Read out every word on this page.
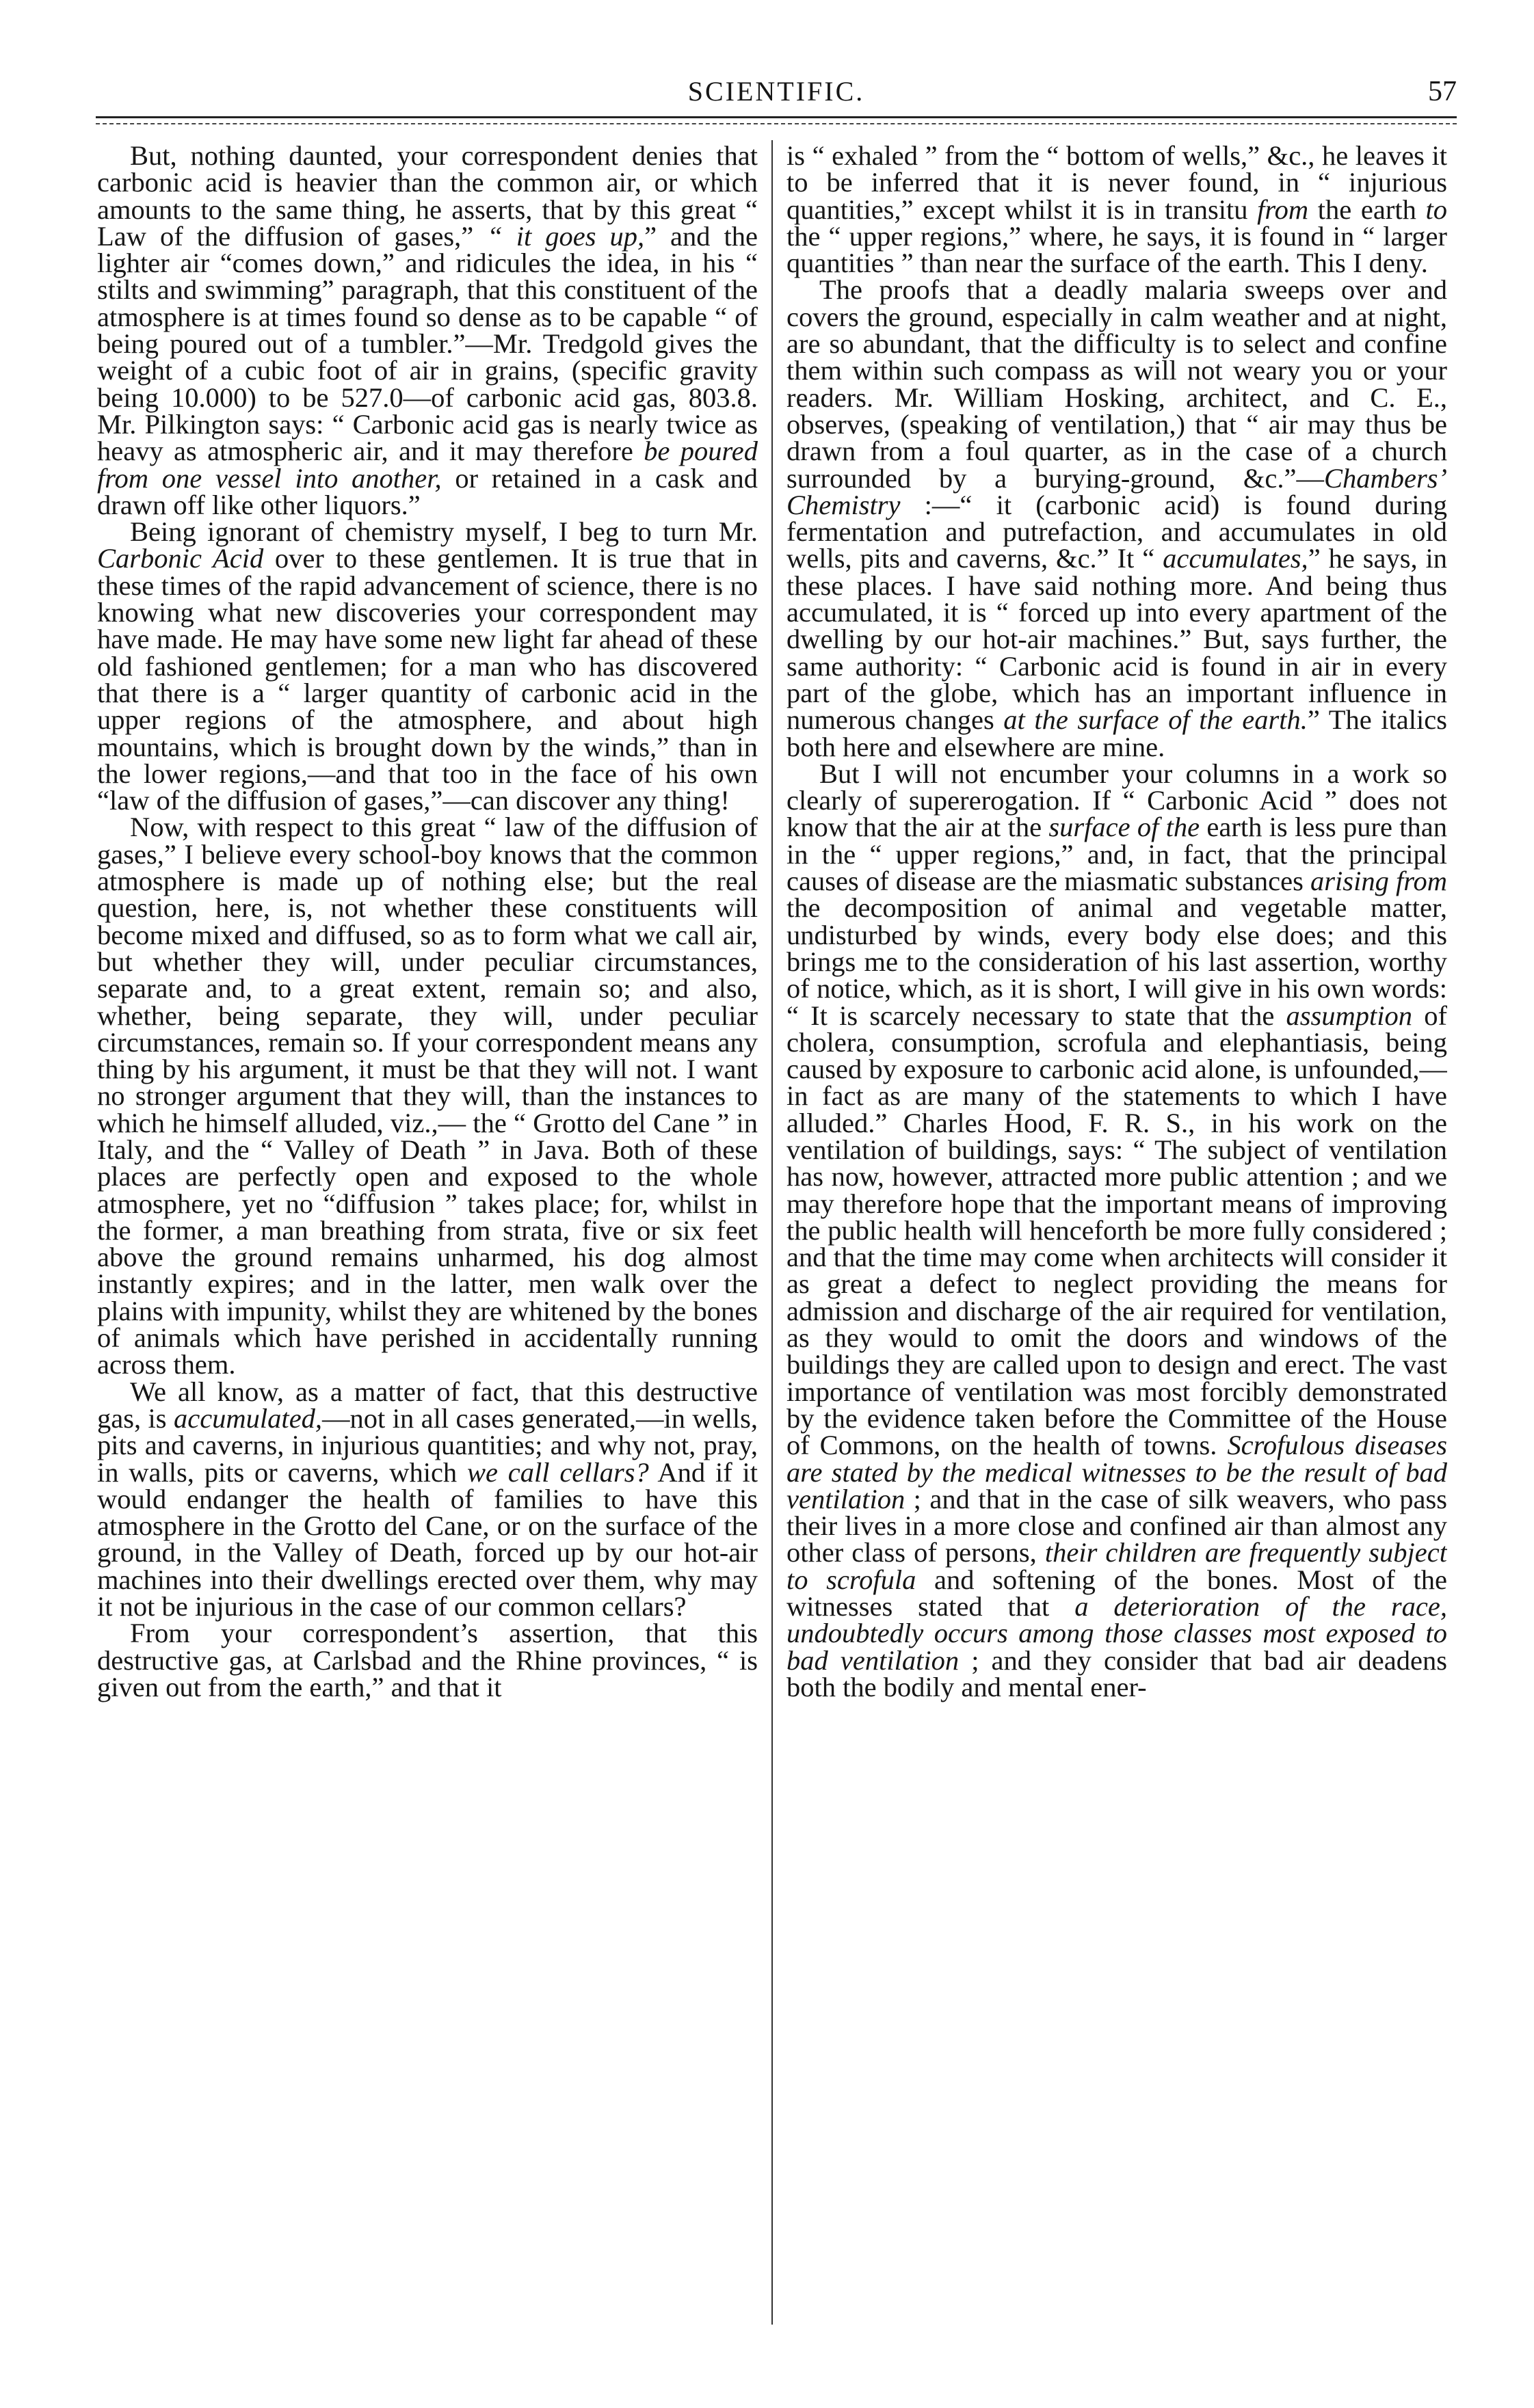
SCIENTIFIC.	57

But, nothing daunted, your correspondent denies that carbonic acid is heavier than the common air, or which amounts to the same thing, he asserts, that by this great “ Law of the diffusion of gases,” “ it goes up,” and the lighter air “comes down,” and ridicules the idea, in his “ stilts and swimming” paragraph, that this constituent of the atmosphere is at times found so dense as to be capable “ of being poured out of a tumbler.”—Mr. Tredgold gives the weight of a cubic foot of air in grains, (specific gravity being 10.000) to be 527.0—of carbonic acid gas, 803.8. Mr. Pilkington says: “ Carbonic acid gas is nearly twice as heavy as atmospheric air, and it may therefore be poured from one vessel into another, or retained in a cask and drawn off like other liquors.”

Being ignorant of chemistry myself, I beg to turn Mr. Carbonic Acid over to these gentlemen. It is true that in these times of the rapid advancement of science, there is no knowing what new discoveries your correspondent may have made. He may have some new light far ahead of these old fashioned gentlemen; for a man who has discovered that there is a “ larger quantity of carbonic acid in the upper regions of the atmosphere, and about high mountains, which is brought down by the winds,” than in the lower regions,—and that too in the face of his own “law of the diffusion of gases,”—can discover any thing!

Now, with respect to this great “ law of the diffusion of gases,” I believe every school-boy knows that the common atmosphere is made up of nothing else; but the real question, here, is, not whether these constituents will become mixed and diffused, so as to form what we call air, but whether they will, under peculiar circumstances, separate and, to a great extent, remain so; and also, whether, being separate, they will, under peculiar circumstances, remain so. If your correspondent means any thing by his argument, it must be that they will not. I want no stronger argument that they will, than the instances to which he himself alluded, viz.,— the “ Grotto del Cane ” in Italy, and the “ Valley of Death ” in Java. Both of these places are perfectly open and exposed to the whole atmosphere, yet no “diffusion ” takes place; for, whilst in the former, a man breathing from strata, five or six feet above the ground remains unharmed, his dog almost instantly expires; and in the latter, men walk over the plains with impunity, whilst they are whitened by the bones of animals which have perished in accidentally running across them.

We all know, as a matter of fact, that this destructive gas, is accumulated,—not in all cases generated,—in wells, pits and caverns, in injurious quantities; and why not, pray, in walls, pits or caverns, which we call cellars? And if it would endanger the health of families to have this atmosphere in the Grotto del Cane, or on the surface of the ground, in the Valley of Death, forced up by our hot-air machines into their dwellings erected over them, why may it not be injurious in the case of our common cellars?

From your correspondent’s assertion, that this destructive gas, at Carlsbad and the Rhine provinces, “ is given out from the earth,” and that it

is “ exhaled ” from the “ bottom of wells,” &c., he leaves it to be inferred that it is never found, in “ injurious quantities,” except whilst it is in transitu from the earth to the “ upper regions,” where, he says, it is found in “ larger quantities ” than near the surface of the earth. This I deny.

The proofs that a deadly malaria sweeps over and covers the ground, especially in calm weather and at night, are so abundant, that the difficulty is to select and confine them within such compass as will not weary you or your readers. Mr. William Hosking, architect, and C. E., observes, (speaking of ventilation,) that “ air may thus be drawn from a foul quarter, as in the case of a church surrounded by a burying-ground, &c.”—Chambers’ Chemistry :—“ it (carbonic acid) is found during fermentation and putrefaction, and accumulates in old wells, pits and caverns, &c.” It “ accumulates,” he says, in these places. I have said nothing more. And being thus accumulated, it is “ forced up into every apartment of the dwelling by our hot-air machines.” But, says further, the same authority: “ Carbonic acid is found in air in every part of the globe, which has an important influence in numerous changes at the surface of the earth.” The italics both here and elsewhere are mine.

But I will not encumber your columns in a work so clearly of supererogation. If “ Carbonic Acid ” does not know that the air at the surface of the earth is less pure than in the “ upper regions,” and, in fact, that the principal causes of disease are the miasmatic substances arising from the decomposition of animal and vegetable matter, undisturbed by winds, every body else does; and this brings me to the consideration of his last assertion, worthy of notice, which, as it is short, I will give in his own words: “ It is scarcely necessary to state that the assumption of cholera, consumption, scrofula and elephantiasis, being caused by exposure to carbonic acid alone, is unfounded,—in fact as are many of the statements to which I have alluded.” Charles Hood, F. R. S., in his work on the ventilation of buildings, says: “ The subject of ventilation has now, however, attracted more public attention ; and we may therefore hope that the important means of improving the public health will henceforth be more fully considered ; and that the time may come when architects will consider it as great a defect to neglect providing the means for admission and discharge of the air required for ventilation, as they would to omit the doors and windows of the buildings they are called upon to design and erect. The vast importance of ventilation was most forcibly demonstrated by the evidence taken before the Committee of the House of Commons, on the health of towns. Scrofulous diseases are stated by the medical witnesses to be the result of bad ventilation ; and that in the case of silk weavers, who pass their lives in a more close and confined air than almost any other class of persons, their children are frequently subject to scrofula and softening of the bones. Most of the witnesses stated that a deterioration of the race, undoubtedly occurs among those classes most exposed to bad ventilation ; and they consider that bad air deadens both the bodily and mental ener-
